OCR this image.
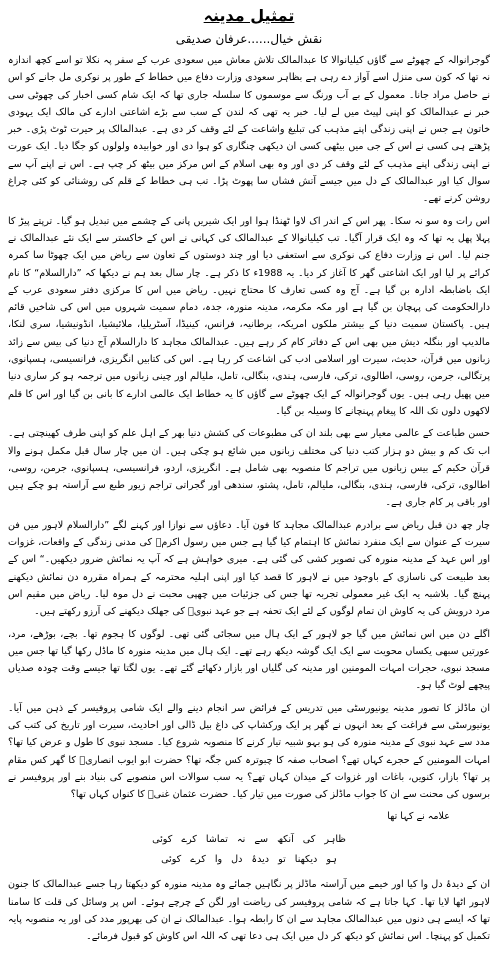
تمثیل مدینہ
نقش خیال......عرفان صدیقی

گوجرانوالہ کے چھوٹے سے گاؤں کیلیانوالا کا عبدالمالک تلاش معاش میں سعودی عرب کے سفر پہ نکلا تو اسے کچھ اندازہ نہ تھا کہ کون سی منزل اسے آواز دے رہی ہے بظاہر سعودی وزارت دفاع میں خطاط کے طور پر نوکری مل جانے کو اس نے حاصل مراد جانا۔ معمول کے بے آب ورنگ سے موسموں کا سلسلہ جاری تھا کہ ایک شام کسی اخبار کی چھوٹی سی خبر نے عبدالمالک کو اپنی لپیٹ میں لے لیا۔ خبر یہ تھی کہ لندن کے سب سے بڑے اشاعتی ادارے کی مالک ایک یہودی خاتون ہے جس نے اپنی زندگی اپنے مذہب کی تبلیغ واشاعت کے لئے وقف کر دی ہے۔ عبدالمالک پر حیرت ٹوٹ پڑی۔ خبر پڑھتے ہی کسی نے اس کے جی میں بیٹھی کسی ان دیکھی چنگاری کو ہوا دی اور خوابیدہ ولولوں کو جگا دیا۔ ایک عورت نے اپنی زندگی اپنے مذہب کے لئے وقف کر دی اور وہ بھی اسلام کے اس مرکز میں بیٹھ کر چپ ہے۔ اس نے اپنے آپ سے سوال کیا اور عبدالمالک کے دل میں جیسے آتش فشاں سا پھوٹ پڑا۔ تب ہی خطاط کے قلم کی روشنائی کو کئی چراغ روشن کرنے تھے۔

اس رات وہ سو نہ سکا۔ پھر اس کے اندر اک لاوا ٹھنڈا ہوا اور ایک شیریں پانی کے چشمے میں تبدیل ہو گیا۔ ترپتے پیڑ کا پہلا پھل یہ تھا کہ وہ ایک قرار آگیا۔ تب کیلیانوالا کے عبدالمالک کی کہانی نے اس کے خاکستر سے ایک نئے عبدالمالک نے جنم لیا۔ اس نے وزارت دفاع کی نوکری سے استعفی دیا اور چند دوستوں کے تعاون سے ریاض میں ایک چھوٹا سا کمرہ کرائے پر لیا اور ایک اشاعتی گھر کا آغاز کر دیا۔ یہ 1988ء کا ذکر ہے۔ چار سال بعد ہم نے دیکھا کہ ”دارالسلام“ کا نام ایک باضابطہ ادارہ بن گیا ہے۔ آج وہ کسی تعارف کا محتاج نہیں۔ ریاض میں اس کا مرکزی دفتر سعودی عرب کے دارالحکومت کی پہچان بن گیا ہے اور مکہ مکرمہ، مدینہ منورہ، جدہ، دمام سمیت شہروں میں اس کی شاخیں قائم ہیں۔ پاکستان سمیت دنیا کے بیشتر ملکوں امریکہ، برطانیہ، فرانس، کینیڈا، آسٹریلیا، ملائیشیا، انڈونیشیا، سری لنکا، مالدیپ اور بنگلہ دیش میں بھی اس کے دفاتر کام کر رہے ہیں۔ عبدالمالک مجاہد کا دارالسلام آج دنیا کی بیس سے زائد زبانوں میں قرآن، حدیث، سیرت اور اسلامی ادب کی اشاعت کر رہا ہے۔ اس کی کتابیں انگریزی، فرانسیسی، ہسپانوی، پرتگالی، جرمن، روسی، اطالوی، ترکی، فارسی، ہندی، بنگالی، تامل، ملیالم اور چینی زبانوں میں ترجمہ ہو کر ساری دنیا میں پھیل رہی ہیں۔ یوں گوجرانوالہ کے ایک چھوٹے سے گاؤں کا یہ خطاط ایک عالمی ادارے کا بانی بن گیا اور اس کا قلم لاکھوں دلوں تک اللہ کا پیغام پہنچانے کا وسیلہ بن گیا۔

حسن طباعت کے عالمی معیار سے بھی بلند ان کی مطبوعات کی کشش دنیا بھر کے اہل علم کو اپنی طرف کھینچتی ہے۔ اب تک کم و بیش دو ہزار کتب دنیا کی مختلف زبانوں میں شائع ہو چکی ہیں۔ ان میں چار سال قبل مکمل ہونے والا قرآن حکیم کے بیس زبانوں میں تراجم کا منصوبہ بھی شامل ہے۔ انگریزی، اردو، فرانسیسی، ہسپانوی، جرمن، روسی، اطالوی، ترکی، فارسی، ہندی، بنگالی، ملیالم، تامل، پشتو، سندھی اور گجراتی تراجم زیور طبع سے آراستہ ہو چکے ہیں اور باقی پر کام جاری ہے۔

چار چھ دن قبل ریاض سے برادرم عبدالمالک مجاہد کا فون آیا۔ دعاؤں سے نوازا اور کہنے لگے ”دارالسلام لاہور میں فن سیرت کے عنوان سے ایک منفرد نمائش کا اہتمام کیا گیا ہے جس میں رسول اکرمﷺ کی مدنی زندگی کے واقعات، غزوات اور اس عہد کے مدینہ منورہ کی تصویر کشی کی گئی ہے۔ میری خواہش ہے کہ آپ یہ نمائش ضرور دیکھیں۔“ اس کے بعد طبیعت کی ناسازی کے باوجود میں نے لاہور کا قصد کیا اور اپنی اہلیہ محترمہ کے ہمراہ مقررہ دن نمائش دیکھنے پہنچ گیا۔ بلاشبہ یہ ایک غیر معمولی تجربہ تھا جس کی جزئیات میں چھپی محبت نے دل موہ لیا۔ ریاض میں مقیم اس مرد درویش کی یہ کاوش ان تمام لوگوں کے لئے ایک تحفہ ہے جو عہد نبویؐ کی جھلک دیکھنے کی آرزو رکھتے ہیں۔

اگلے دن میں اس نمائش میں گیا جو لاہور کے ایک ہال میں سجائی گئی تھی۔ لوگوں کا ہجوم تھا۔ بچے، بوڑھے، مرد، عورتیں سبھی یکساں محویت سے ایک ایک گوشہ دیکھ رہے تھے۔ ایک ہال میں مدینہ منورہ کا ماڈل رکھا گیا تھا جس میں مسجد نبوی، حجرات امہات المومنین اور مدینہ کی گلیاں اور بازار دکھائے گئے تھے۔ یوں لگتا تھا جیسے وقت چودہ صدیاں پیچھے لوٹ گیا ہو۔

ان ماڈلز کا تصور مدینہ یونیورسٹی میں تدریس کے فرائض سر انجام دینے والے ایک شامی پروفیسر کے ذہن میں آیا۔ یونیورسٹی سے فراغت کے بعد انہوں نے گھر پر ایک ورکشاپ کی داغ بیل ڈالی اور احادیث، سیرت اور تاریخ کی کتب کی مدد سے عہد نبوی کے مدینہ منورہ کی ہو بہو شبیہ تیار کرنے کا منصوبہ شروع کیا۔ مسجد نبوی کا طول و عرض کیا تھا؟ امہات المومنین کے حجرے کہاں تھے؟ اصحاب صفہ کا چبوترہ کس جگہ تھا؟ حضرت ابو ایوب انصاریؓ کا گھر کس مقام پر تھا؟ بازار، کنویں، باغات اور غزوات کے میدان کہاں تھے؟ یہ سب سوالات اس منصوبے کی بنیاد بنے اور پروفیسر نے برسوں کی محنت سے ان کا جواب ماڈلز کی صورت میں تیار کیا۔ حضرت عثمان غنیؓ کا کنواں کہاں تھا؟

علامہ نے کہا تھا
ظاہر کی آنکھ سے نہ تماشا کرے کوئی
ہو دیکھنا تو دیدۂ دل وا کرے کوئی

ان کے دیدۂ دل وا کیا اور خیمے میں آراستہ ماڈلز پر نگاہیں جمائے وہ مدینہ منورہ کو دیکھتا رہا جسے عبدالمالک کا جنون لاہور اٹھا لایا تھا۔ کہا جاتا ہے کہ شامی پروفیسر کی ریاضت اور لگن کے چرچے ہوئے۔ اس پر وسائل کی قلت کا سامنا تھا کہ ایسے ہی دنوں میں عبدالمالک مجاہد سے ان کا رابطہ ہوا۔ عبدالمالک نے ان کی بھرپور مدد کی اور یہ منصوبہ پایہ تکمیل کو پہنچا۔ اس نمائش کو دیکھ کر دل میں ایک ہی دعا تھی کہ اللہ اس کاوش کو قبول فرمائے۔
